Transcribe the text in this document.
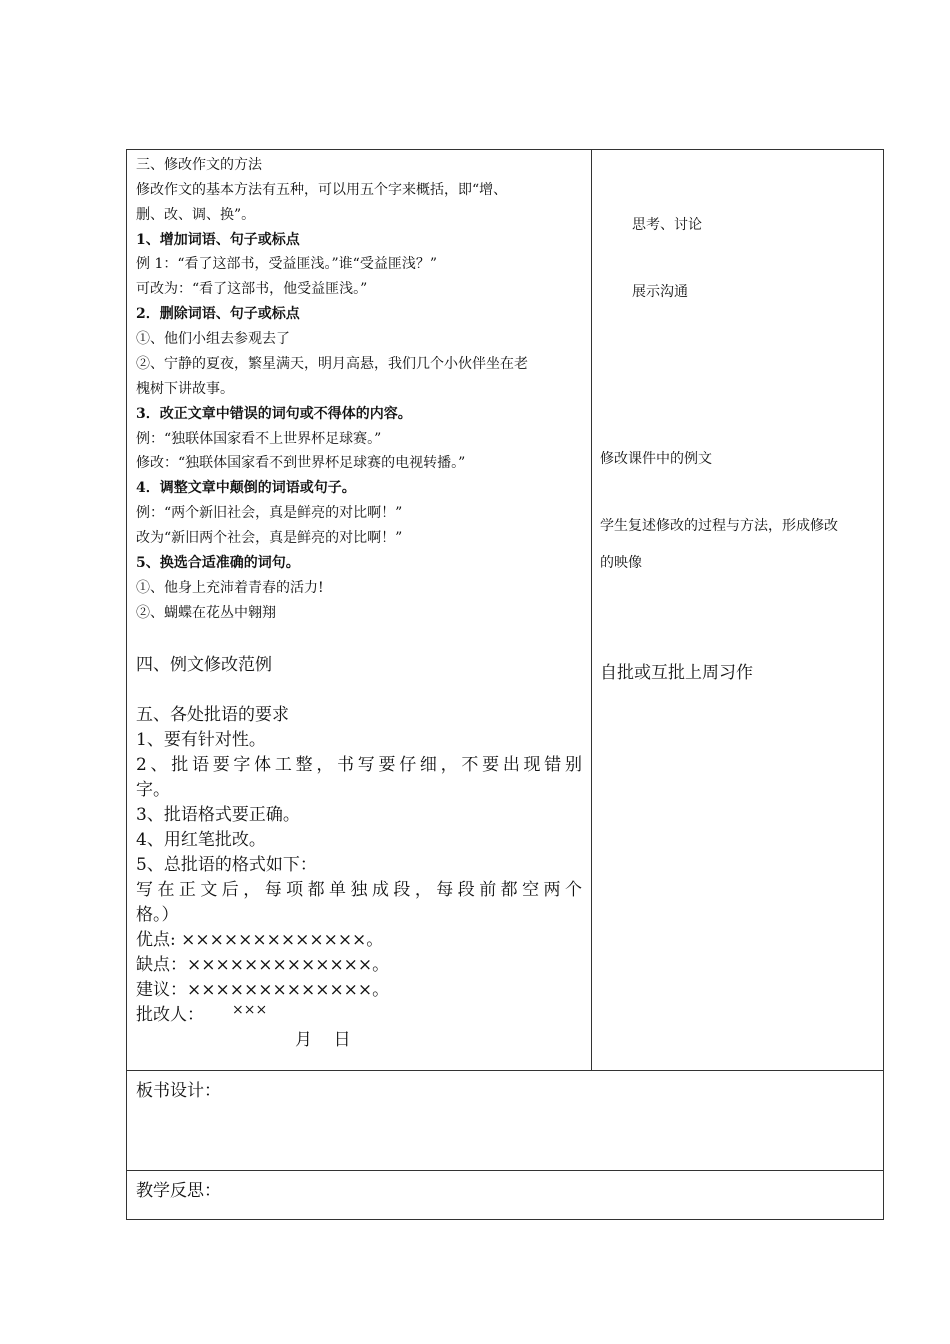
三、修改作文的方法
修改作文的基本方法有五种，可以用五个字来概括，即“增、
删、改、调、换”。
1、增加词语、句子或标点
例 1：“看了这部书，受益匪浅。”谁“受益匪浅？”
可改为：“看了这部书，他受益匪浅。”
2．删除词语、句子或标点
①、他们小组去参观去了
②、宁静的夏夜，繁星满天，明月高悬，我们几个小伙伴坐在老
槐树下讲故事。
3．改正文章中错误的词句或不得体的内容。
例：“独联体国家看不上世界杯足球赛。”
修改：“独联体国家看不到世界杯足球赛的电视转播。”
4．调整文章中颠倒的词语或句子。
例：“两个新旧社会，真是鲜亮的对比啊！”
改为“新旧两个社会，真是鲜亮的对比啊！”
5、换选合适准确的词句。
①、他身上充沛着青春的活力!
②、蝴蝶在花丛中翱翔
四、例文修改范例
五、各处批语的要求
1、要有针对性。
2、批语要字体工整，书写要仔细，不要出现错别
字。
3、批语格式要正确。
4、用红笔批改。
5、总批语的格式如下：
写在正文后，每项都单独成段，每段前都空两个
格。）
优点: ×××××××××××××。
缺点：×××××××××××××。
建议：×××××××××××××。
批改人： ×××
月    日
思考、讨论
展示沟通
修改课件中的例文
学生复述修改的过程与方法，形成修改
的映像
自批或互批上周习作
板书设计：
教学反思：
